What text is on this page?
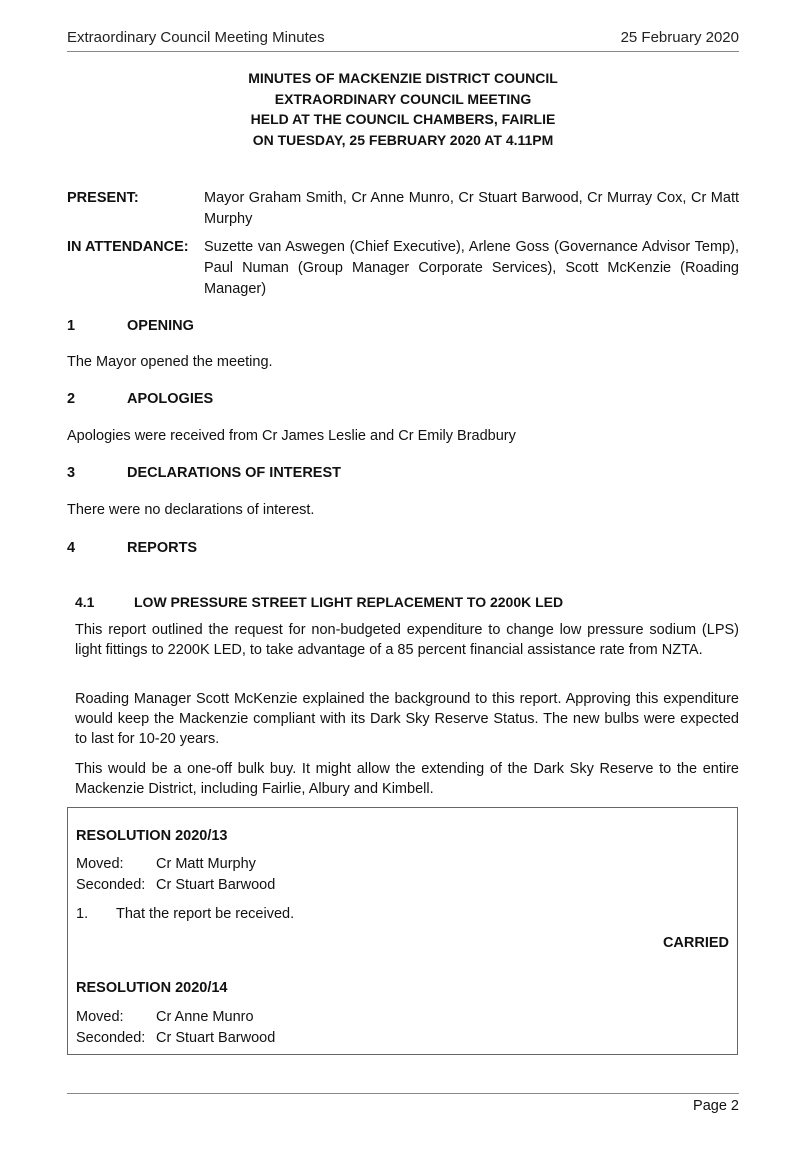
Extraordinary Council Meeting Minutes	25 February 2020
MINUTES OF MACKENZIE DISTRICT COUNCIL
EXTRAORDINARY COUNCIL MEETING
HELD AT THE COUNCIL CHAMBERS, FAIRLIE
ON TUESDAY, 25 FEBRUARY 2020 AT 4.11PM
PRESENT:	Mayor Graham Smith, Cr Anne Munro, Cr Stuart Barwood, Cr Murray Cox, Cr Matt Murphy
IN ATTENDANCE:	Suzette van Aswegen (Chief Executive), Arlene Goss (Governance Advisor Temp), Paul Numan (Group Manager Corporate Services), Scott McKenzie (Roading Manager)
1	OPENING
The Mayor opened the meeting.
2	APOLOGIES
Apologies were received from Cr James Leslie and Cr Emily Bradbury
3	DECLARATIONS OF INTEREST
There were no declarations of interest.
4	REPORTS
4.1	LOW PRESSURE STREET LIGHT REPLACEMENT TO 2200K LED
This report outlined the request for non-budgeted expenditure to change low pressure sodium (LPS) light fittings to 2200K LED, to take advantage of a 85 percent financial assistance rate from NZTA.
Roading Manager Scott McKenzie explained the background to this report. Approving this expenditure would keep the Mackenzie compliant with its Dark Sky Reserve Status. The new bulbs were expected to last for 10-20 years.
This would be a one-off bulk buy. It might allow the extending of the Dark Sky Reserve to the entire Mackenzie District, including Fairlie, Albury and Kimbell.
RESOLUTION 2020/13
Moved:	Cr Matt Murphy
Seconded: Cr Stuart Barwood
1.	That the report be received.
CARRIED
RESOLUTION 2020/14
Moved:	Cr Anne Munro
Seconded: Cr Stuart Barwood
Page 2
